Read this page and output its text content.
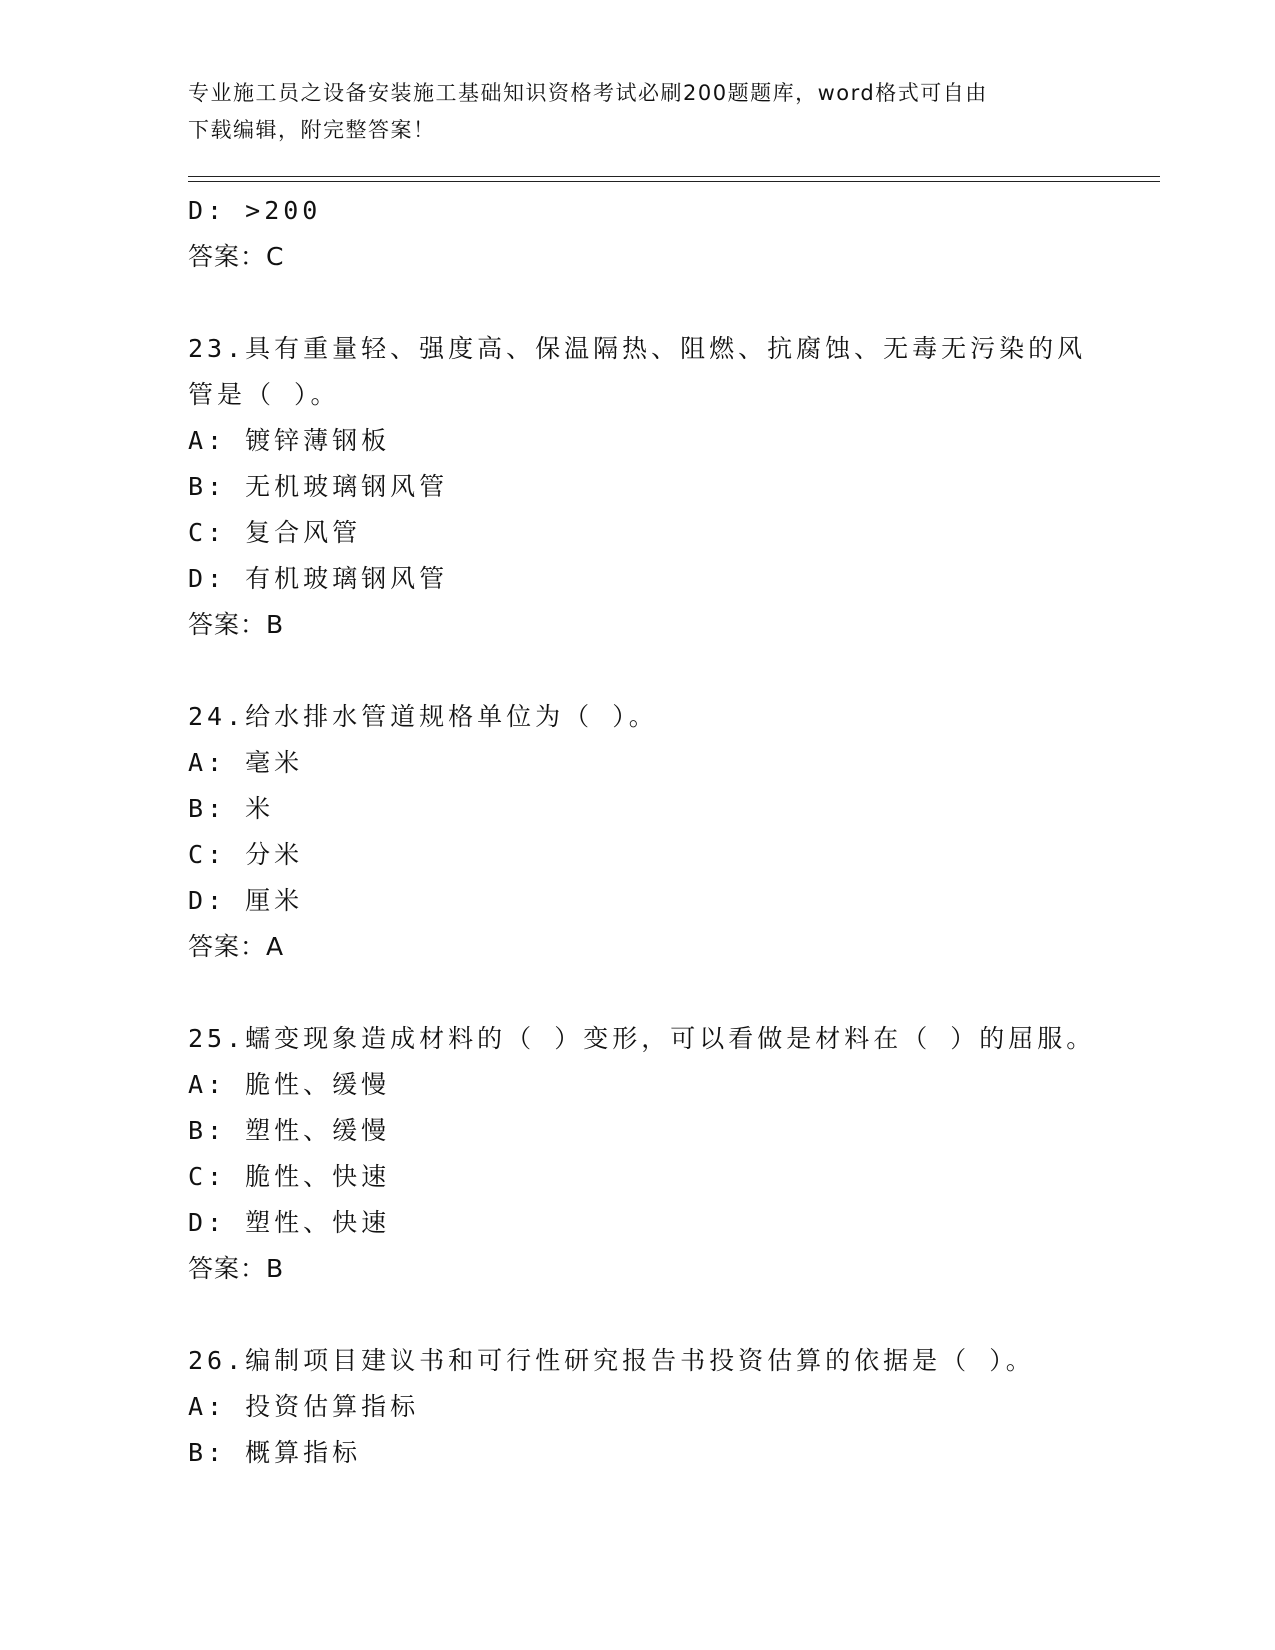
专业施工员之设备安装施工基础知识资格考试必刷200题题库，word格式可自由
下载编辑，附完整答案！
D: >200
答案：C
23.具有重量轻、强度高、保温隔热、阻燃、抗腐蚀、无毒无污染的风
管是（ ）。
A: 镀锌薄钢板
B: 无机玻璃钢风管
C: 复合风管
D: 有机玻璃钢风管
答案：B
24.给水排水管道规格单位为（ ）。
A: 毫米
B: 米
C: 分米
D: 厘米
答案：A
25.蠕变现象造成材料的（ ）变形，可以看做是材料在（ ）的屈服。
A: 脆性、缓慢
B: 塑性、缓慢
C: 脆性、快速
D: 塑性、快速
答案：B
26.编制项目建议书和可行性研究报告书投资估算的依据是（ ）。
A: 投资估算指标
B: 概算指标
